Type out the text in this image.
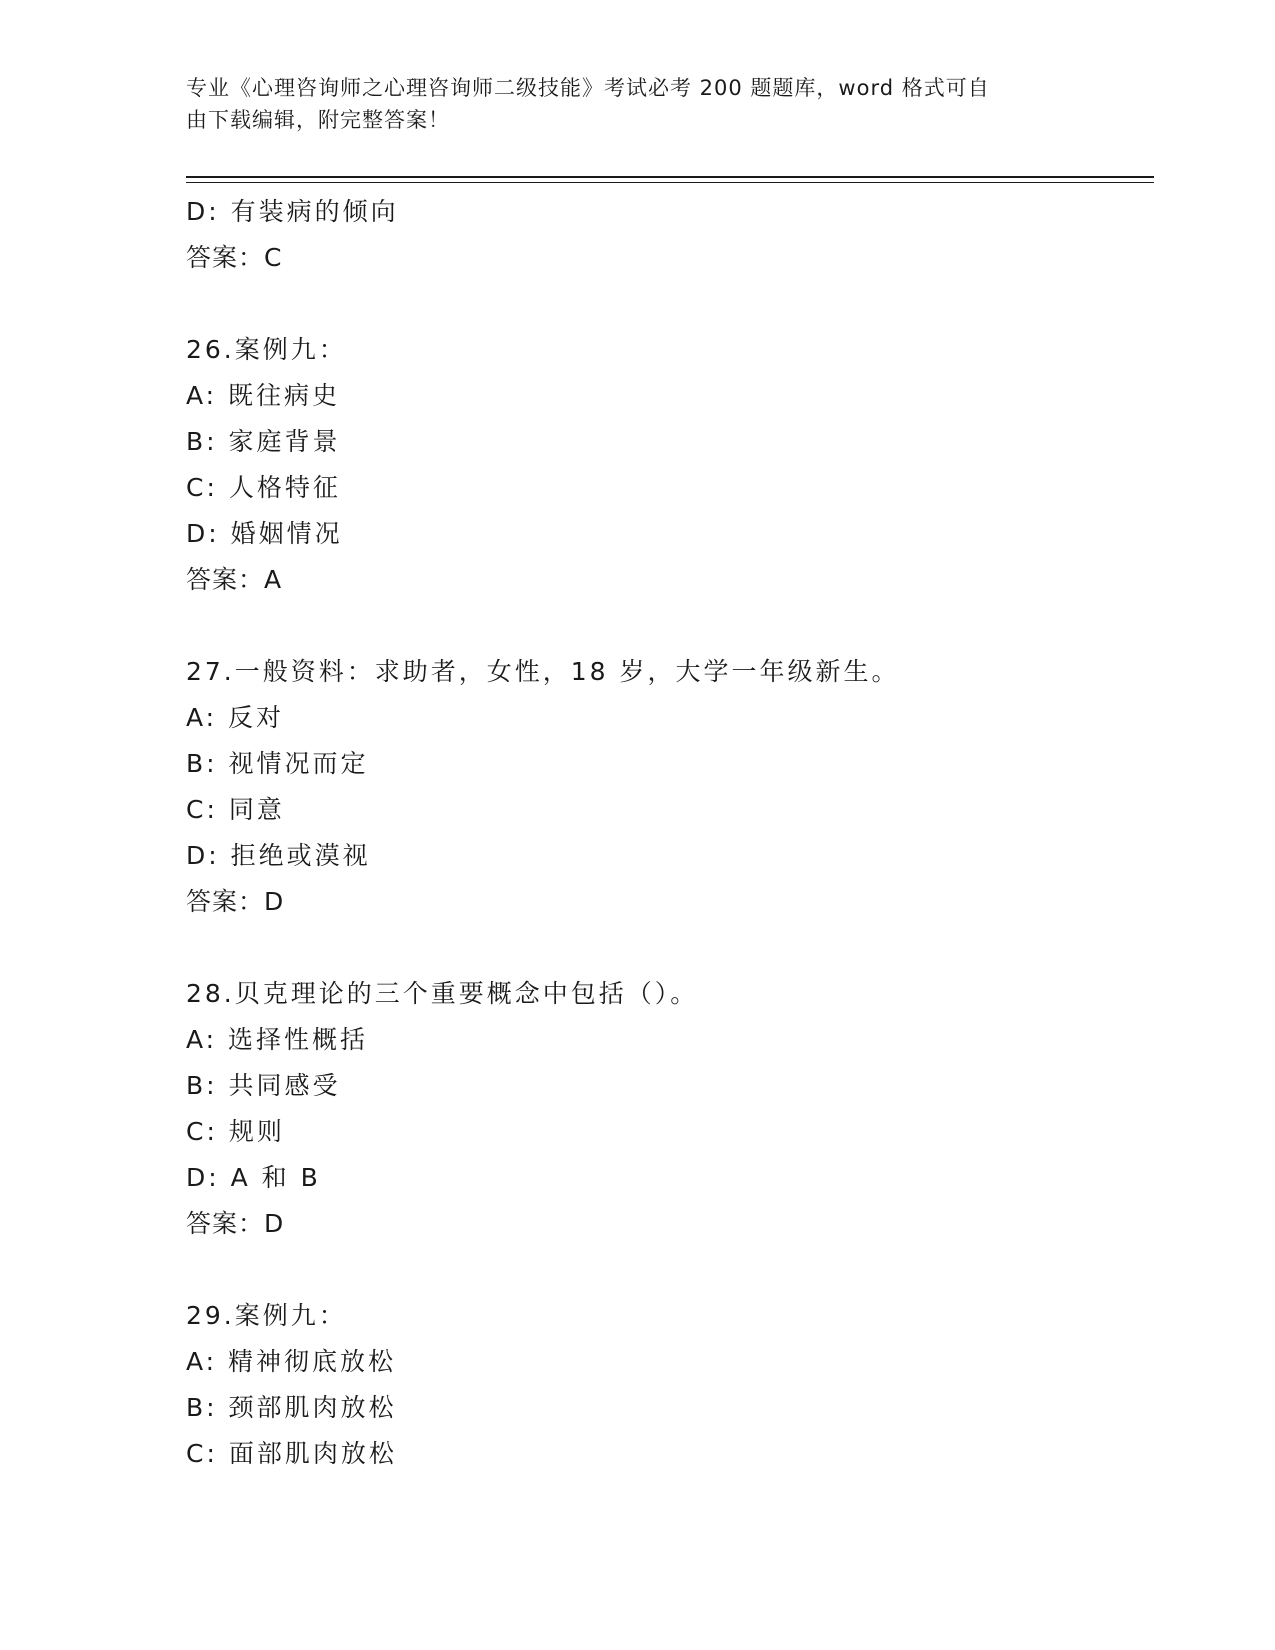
专业《心理咨询师之心理咨询师二级技能》考试必考 200 题题库，word 格式可自
由下载编辑，附完整答案！
D: 有装病的倾向
答案：C
26.案例九：
A: 既往病史
B: 家庭背景
C: 人格特征
D: 婚姻情况
答案：A
27.一般资料：求助者，女性，18 岁，大学一年级新生。
A: 反对
B: 视情况而定
C: 同意
D: 拒绝或漠视
答案：D
28.贝克理论的三个重要概念中包括（）。
A: 选择性概括
B: 共同感受
C: 规则
D: A 和 B
答案：D
29.案例九：
A: 精神彻底放松
B: 颈部肌肉放松
C: 面部肌肉放松
